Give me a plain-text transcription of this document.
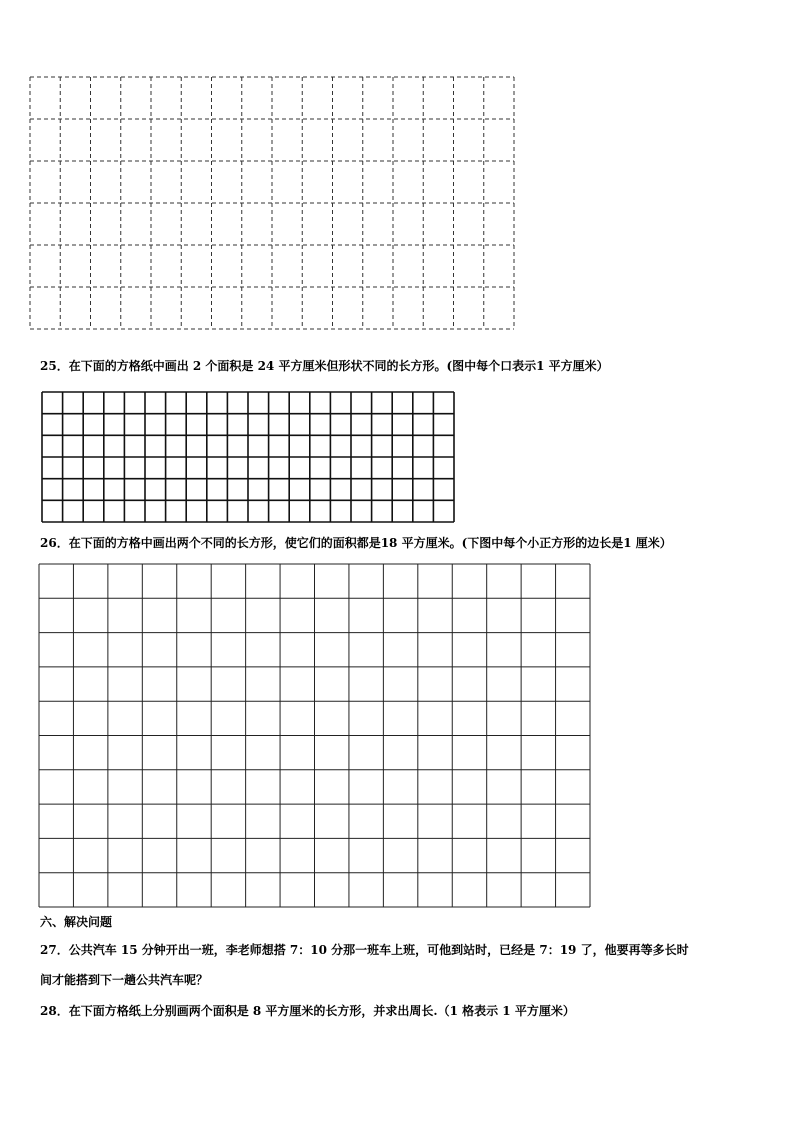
25．在下面的方格纸中画出 2 个面积是 24 平方厘米但形状不同的长方形。(图中每个口表示1 平方厘米）
26．在下面的方格中画出两个不同的长方形，使它们的面积都是18 平方厘米。(下图中每个小正方形的边长是1 厘米）
六、解决问题
27．公共汽车 15 分钟开出一班，李老师想搭 7：10 分那一班车上班，可他到站时，已经是 7：19 了，他要再等多长时
间才能搭到下一趟公共汽车呢？
28．在下面方格纸上分别画两个面积是 8 平方厘米的长方形，并求出周长.（1 格表示 1 平方厘米）
